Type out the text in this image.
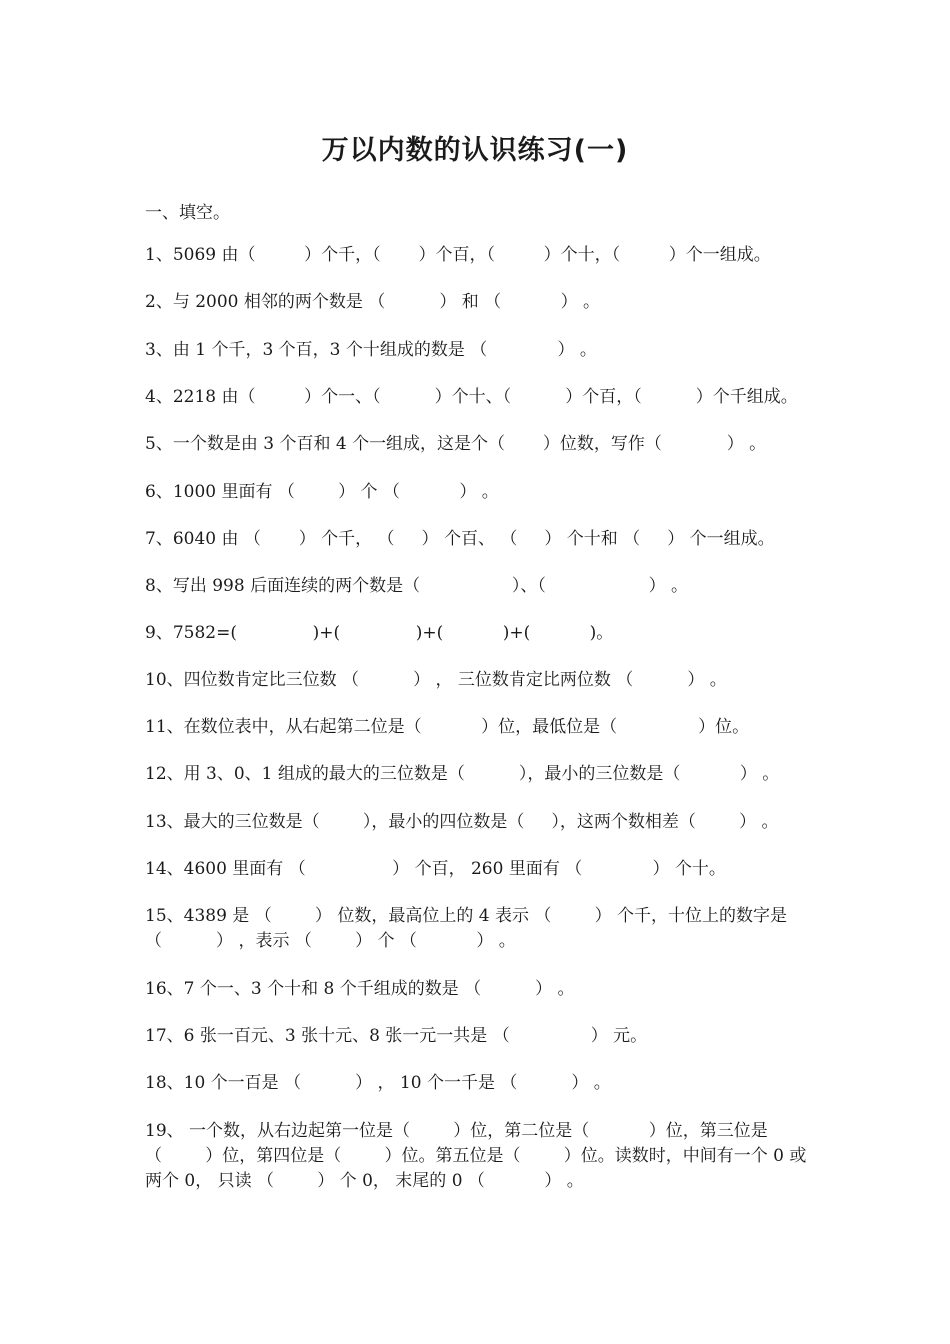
万以内数的认识练习(一)
一、填空。
1、5069 由（         ）个千，（       ）个百，（         ）个十，（         ）个一组成。
2、与 2000 相邻的两个数是 （          ） 和 （           ） 。
3、由 1 个千，3 个百，3 个十组成的数是 （             ） 。
4、2218 由（         ）个一、（          ）个十、（          ）个百，（          ）个千组成。
5、一个数是由 3 个百和 4 个一组成，这是个（       ）位数，写作（            ） 。
6、1000 里面有 （        ） 个 （           ） 。
7、6040 由 （       ） 个千， （     ） 个百、 （     ） 个十和 （     ） 个一组成。
8、写出 998 后面连续的两个数是（                 ）、（                   ） 。
9、7582=(              )+(              )+(           )+(           )。
10、四位数肯定比三位数 （          ） ， 三位数肯定比两位数 （          ） 。
11、在数位表中，从右起第二位是（           ）位，最低位是（               ）位。
12、用 3、0、1 组成的最大的三位数是（          ），最小的三位数是（           ） 。
13、最大的三位数是（        ），最小的四位数是（     ），这两个数相差（        ） 。
14、4600 里面有 （                ） 个百， 260 里面有 （             ） 个十。
15、4389 是 （        ） 位数，最高位上的 4 表示 （        ） 个千，十位上的数字是
（          ） ，表示 （        ） 个 （           ） 。
16、7 个一、3 个十和 8 个千组成的数是 （          ） 。
17、6 张一百元、3 张十元、8 张一元一共是 （               ） 元。
18、10 个一百是 （          ） ， 10 个一千是 （          ） 。
19、 一个数，从右边起第一位是（        ）位，第二位是（           ）位，第三位是
（        ）位，第四位是（        ）位。第五位是（        ）位。读数时，中间有一个 0 或
两个 0， 只读 （        ） 个 0， 末尾的 0 （           ） 。
